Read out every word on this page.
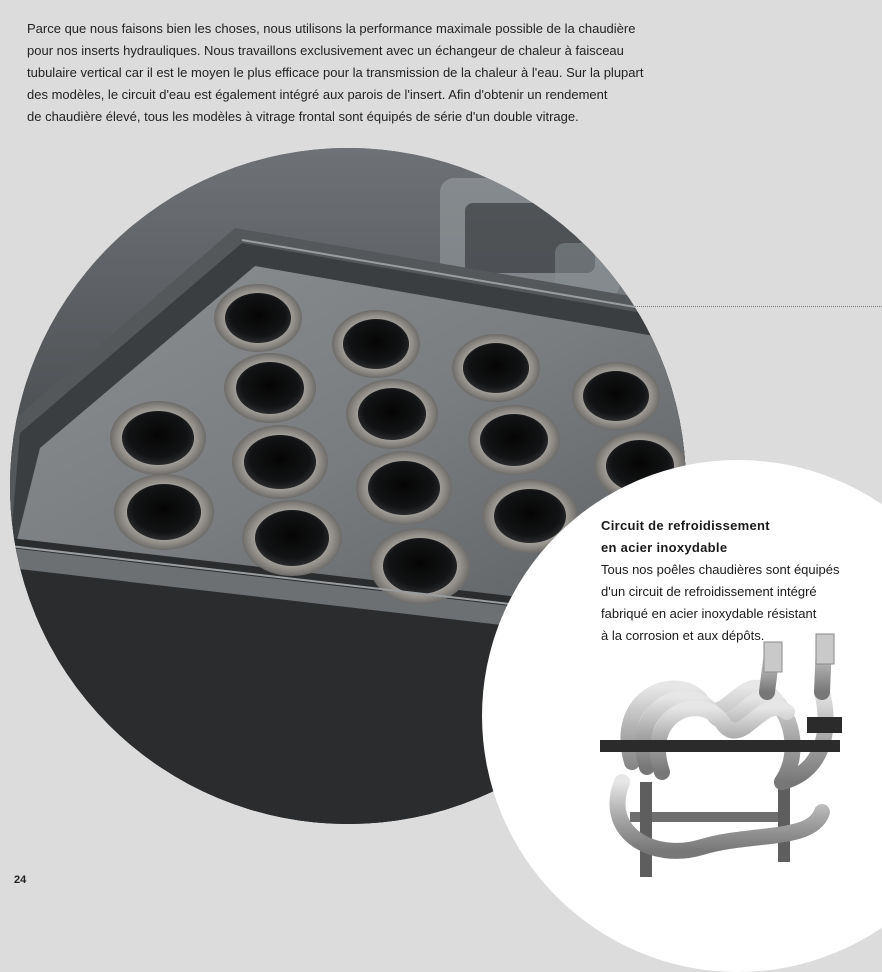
Parce que nous faisons bien les choses, nous utilisons la performance maximale possible de la chaudière
pour nos inserts hydrauliques. Nous travaillons exclusivement avec un échangeur de chaleur à faisceau
tubulaire vertical car il est le moyen le plus efficace pour la transmission de la chaleur à l'eau. Sur la plupart
des modèles, le circuit d'eau est également intégré aux parois de l'insert. Afin d'obtenir un rendement
de chaudière élevé, tous les modèles à vitrage frontal sont équipés de série d'un double vitrage.
Circuit de refroidissement
en acier inoxydable
Tous nos poêles chaudières sont équipés
d'un circuit de refroidissement intégré
fabriqué en acier inoxydable résistant
à la corrosion et aux dépôts.
24
